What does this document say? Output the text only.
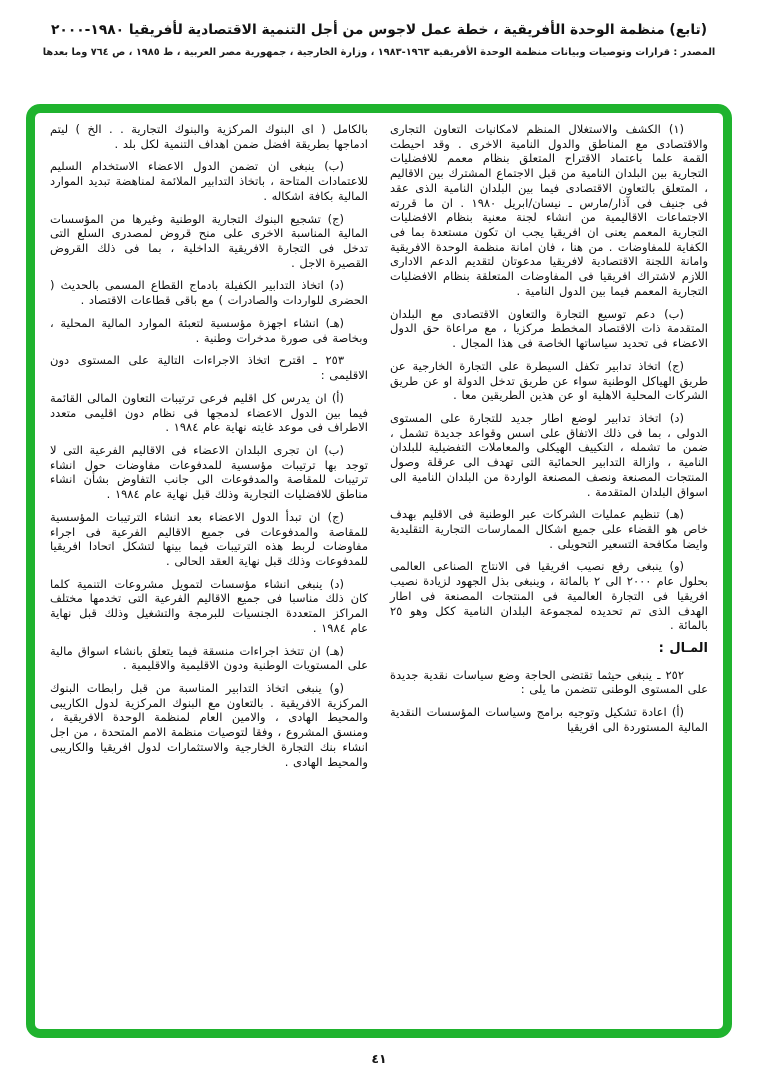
(تابع) منظمة الوحدة الأفريقية ، خطة عمل لاجوس من أجل التنمية الاقتصادية لأفريقيا ١٩٨٠-٢٠٠٠
المصدر : قرارات وتوصيات وبيانات منظمة الوحدة الأفريقية ١٩٦٣-١٩٨٣ ، وزارة الخارجية ، جمهورية مصر العربية ، ط ١٩٨٥ ، ص ٧٦٤ وما بعدها

(١) الكشف والاستغلال المنظم لامكانيات التعاون التجارى والاقتصادى مع المناطق والدول النامية الاخرى . وقد احيطت القمة علما باعتماد الاقتراح المتعلق بنظام معمم للافضليات التجارية بين البلدان النامية من قبل الاجتماع المشترك بين الاقاليم ، المتعلق بالتعاون الاقتصادى فيما بين البلدان النامية الذى عقد فى جنيف فى آذار/مارس ـ نيسان/ابريل ١٩٨٠ . ان ما قررته الاجتماعات الاقاليمية من انشاء لجنة معنية بنظام الافضليات التجارية المعمم يعنى ان افريقيا يجب ان تكون مستعدة بما فى الكفاية للمفاوضات . من هنا ، فان امانة منظمة الوحدة الافريقية وامانة اللجنة الاقتصادية لافريقيا مدعوتان لتقديم الدعم الادارى اللازم لاشتراك افريقيا فى المفاوضات المتعلقة بنظام الافضليات التجارية المعمم فيما بين الدول النامية .

(ب) دعم توسيع التجارة والتعاون الاقتصادى مع البلدان المتقدمة ذات الاقتصاد المخطط مركزيا ، مع مراعاة حق الدول الاعضاء فى تحديد سياساتها الخاصة فى هذا المجال .

(ج) اتخاذ تدابير تكفل السيطرة على التجارة الخارجية عن طريق الهياكل الوطنية سواء عن طريق تدخل الدولة او عن طريق الشركات المحلية الاهلية او عن هذين الطريقين معا .

(د) اتخاذ تدابير لوضع اطار جديد للتجارة على المستوى الدولى ، بما فى ذلك الاتفاق على اسس وقواعد جديدة تشمل ، ضمن ما تشمله ، التكييف الهيكلى والمعاملات التفضيلية للبلدان النامية ، وازالة التدابير الحمائية التى تهدف الى عرقلة وصول المنتجات المصنعة ونصف المصنعة الواردة من البلدان النامية الى اسواق البلدان المتقدمة .

(هـ) تنظيم عمليات الشركات عبر الوطنية فى الاقليم بهدف خاص هو القضاء على جميع اشكال الممارسات التجارية التقليدية وايضا مكافحة التسعير التحويلى .

(و) ينبغى رفع نصيب افريقيا فى الانتاج الصناعى العالمى بحلول عام ٢٠٠٠ الى ٢ بالمائة ، وينبغى بذل الجهود لزيادة نصيب افريقيا فى التجارة العالمية فى المنتجات المصنعة فى اطار الهدف الذى تم تحديده لمجموعة البلدان النامية ككل وهو ٢٥ بالمائة .

المـال :

٢٥٢ ـ ينبغى حيثما تقتضى الحاجة وضع سياسات نقدية جديدة على المستوى الوطنى تتضمن ما يلى :

(أ) اعادة تشكيل وتوجيه برامج وسياسات المؤسسات النقدية المالية المستوردة الى افريقيا

بالكامل ( اى البنوك المركزية والبنوك التجارية . . الخ ) ليتم ادماجها بطريقة افضل ضمن اهداف التنمية لكل بلد .

(ب) ينبغى ان تضمن الدول الاعضاء الاستخدام السليم للاعتمادات المتاحة ، باتخاذ التدابير الملائمة لمناهضة تبديد الموارد المالية بكافة اشكاله .

(ج) تشجيع البنوك التجارية الوطنية وغيرها من المؤسسات المالية المناسبة الاخرى على منح قروض لمصدرى السلع التى تدخل فى التجارة الافريقية الداخلية ، بما فى ذلك القروض القصيرة الاجل .

(د) اتخاذ التدابير الكفيلة بادماج القطاع المسمى بالحديث ( الحضرى للواردات والصادرات ) مع باقى قطاعات الاقتصاد .

(هـ) انشاء اجهزة مؤسسية لتعبئة الموارد المالية المحلية ، وبخاصة فى صورة مدخرات وطنية .

٢٥٣ ـ اقترح اتخاذ الاجراءات التالية على المستوى دون الاقليمى :

(أ) ان يدرس كل اقليم فرعى ترتيبات التعاون المالى القائمة فيما بين الدول الاعضاء لدمجها فى نظام دون اقليمى متعدد الاطراف فى موعد غايته نهاية عام ١٩٨٤ .

(ب) ان تجرى البلدان الاعضاء فى الاقاليم الفرعية التى لا توجد بها ترتيبات مؤسسية للمدفوعات مفاوضات حول انشاء ترتيبات للمقاصة والمدفوعات الى جانب التفاوض بشأن انشاء مناطق للافضليات التجارية وذلك قبل نهاية عام ١٩٨٤ .

(ج) ان تبدأ الدول الاعضاء بعد انشاء الترتيبات المؤسسية للمقاصة والمدفوعات فى جميع الاقاليم الفرعية فى اجراء مفاوضات لربط هذه الترتيبات فيما بينها لتشكل اتحادا افريقيا للمدفوعات وذلك قبل نهاية العقد الحالى .

(د) ينبغى انشاء مؤسسات لتمويل مشروعات التنمية كلما كان ذلك مناسبا فى جميع الاقاليم الفرعية التى تخدمها مختلف المراكز المتعددة الجنسيات للبرمجة والتشغيل وذلك قبل نهاية عام ١٩٨٤ .

(هـ) ان تتخذ اجراءات منسقة فيما يتعلق بانشاء اسواق مالية على المستويات الوطنية ودون الاقليمية والاقليمية .

(و) ينبغى اتخاذ التدابير المناسبة من قبل رابطات البنوك المركزية الافريقية . بالتعاون مع البنوك المركزية لدول الكاريبى والمحيط الهادى ، والامين العام لمنظمة الوحدة الافريقية ، ومنسق المشروع ، وفقا لتوصيات منظمة الامم المتحدة ، من اجل انشاء بنك التجارة الخارجية والاستثمارات لدول افريقيا والكاريبى والمحيط الهادى .

٤١
